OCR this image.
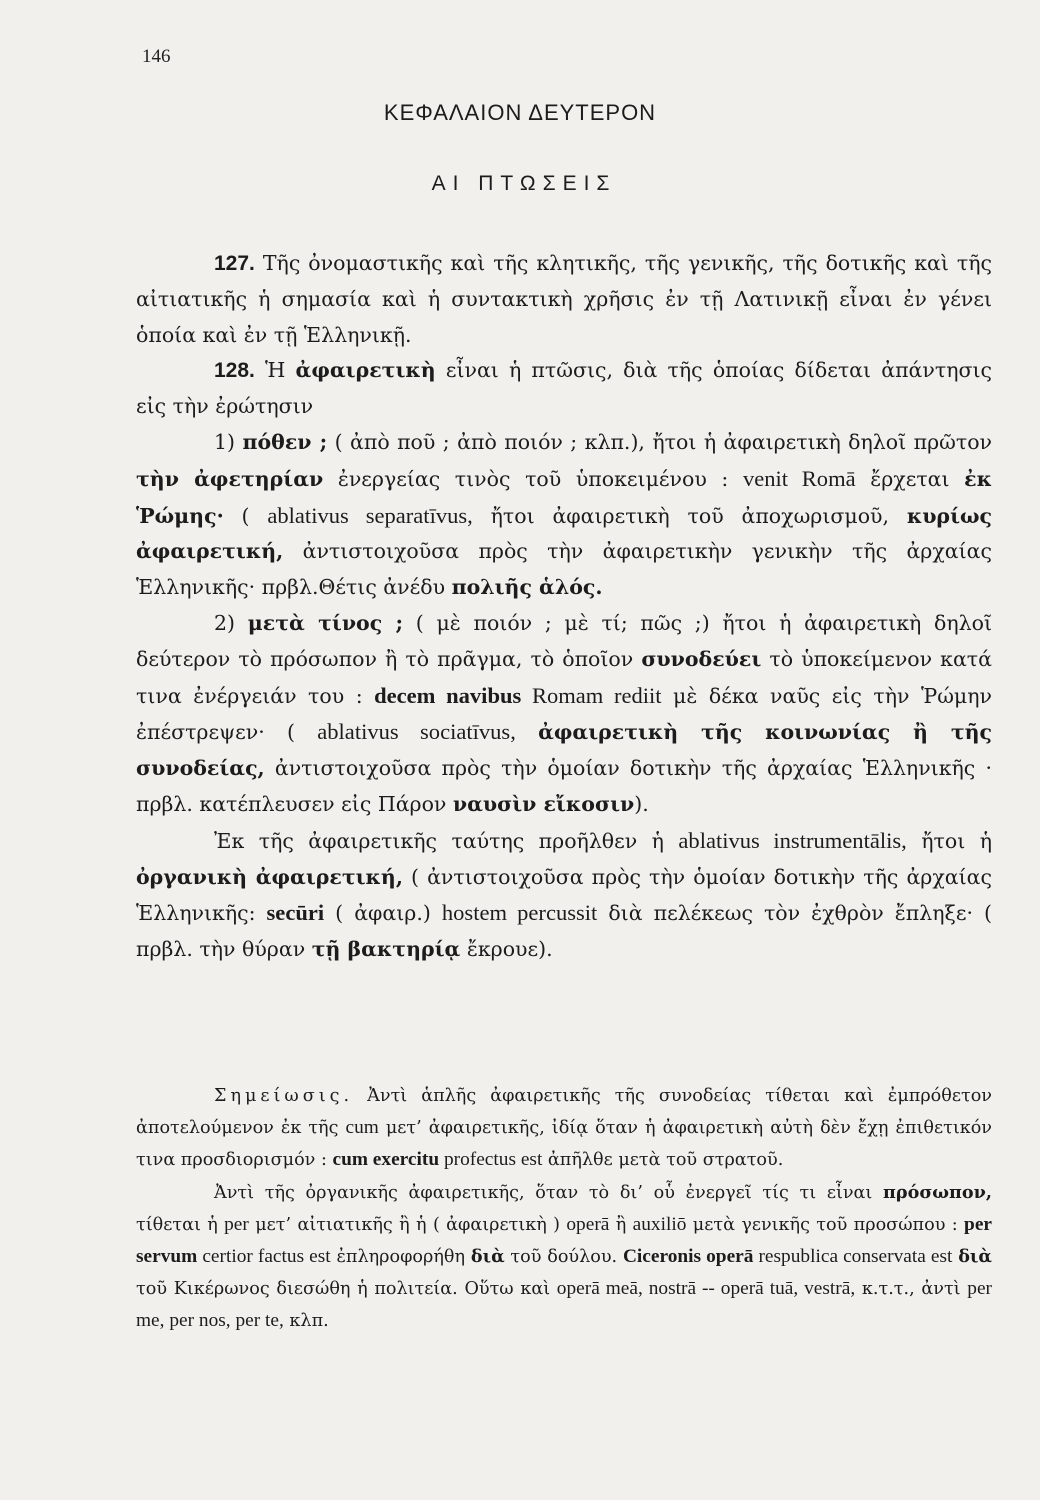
146
ΚΕΦΑΛΑΙΟΝ ΔΕΥΤΕΡΟΝ
ΑΙ ΠΤΩΣΕΙΣ

127. Τῆς ὀνομαστικῆς καὶ τῆς κλητικῆς, τῆς γενικῆς, τῆς δοτικῆς καὶ τῆς αἰτιατικῆς ἡ σημασία καὶ ἡ συντακτικὴ χρῆσις ἐν τῇ Λατινικῇ εἶναι ἐν γένει ὁποία καὶ ἐν τῇ Ἑλληνικῇ.

128. Ἡ ἀφαιρετικὴ εἶναι ἡ πτῶσις, διὰ τῆς ὁποίας δίδεται ἀπάντησις εἰς τὴν ἐρώτησιν

1) πόθεν ; ( ἀπὸ ποῦ ; ἀπὸ ποιόν ; κλπ.), ἤτοι ἡ ἀφαιρετικὴ δηλοῖ πρῶτον τὴν ἀφετηρίαν ἐνεργείας τινὸς τοῦ ὑποκειμένου : venit Romā ἔρχεται ἐκ Ῥώμης· ( ablativus separatīvus, ἤτοι ἀφαιρετικὴ τοῦ ἀποχωρισμοῦ, κυρίως ἀφαιρετική, ἀντιστοιχοῦσα πρὸς τὴν ἀφαιρετικὴν γενικὴν τῆς ἀρχαίας Ἑλληνικῆς· πρβλ.Θέτις ἀνέδυ πολιῆς ἁλός.

2) μετὰ τίνος ; ( μὲ ποιόν ; μὲ τί; πῶς ;) ἤτοι ἡ ἀφαιρετικὴ δηλοῖ δεύτερον τὸ πρόσωπον ἢ τὸ πρᾶγμα, τὸ ὁποῖον συνοδεύει τὸ ὑποκείμενον κατά τινα ἐνέργειάν του : decem navibus Romam rediit μὲ δέκα ναῦς εἰς τὴν Ῥώμην ἐπέστρεψεν· ( ablativus sociatīvus, ἀφαιρετικὴ τῆς κοινωνίας ἢ τῆς συνοδείας, ἀντιστοιχοῦσα πρὸς τὴν ὁμοίαν δοτικὴν τῆς ἀρχαίας Ἑλληνικῆς · πρβλ. κατέπλευσεν εἰς Πάρον ναυσὶν εἴκοσιν).

Ἐκ τῆς ἀφαιρετικῆς ταύτης προῆλθεν ἡ ablativus instrumentālis, ἤτοι ἡ ὀργανικὴ ἀφαιρετική, ( ἀντιστοιχοῦσα πρὸς τὴν ὁμοίαν δοτικὴν τῆς ἀρχαίας Ἑλληνικῆς: secūri ( ἀφαιρ.) hostem percussit διὰ πελέκεως τὸν ἐχθρὸν ἔπληξε· ( πρβλ. τὴν θύραν τῇ βακτηρίᾳ ἔκρουε).

Σημείωσις. Ἀντὶ ἁπλῆς ἀφαιρετικῆς τῆς συνοδείας τίθεται καὶ ἐμπρόθετον ἀποτελούμενον ἐκ τῆς cum μετ’ ἀφαιρετικῆς, ἰδίᾳ ὅταν ἡ ἀφαιρετικὴ αὐτὴ δὲν ἔχῃ ἐπιθετικόν τινα προσδιορισμόν : cum exercitu profectus est ἀπῆλθε μετὰ τοῦ στρατοῦ.

Ἀντὶ τῆς ὀργανικῆς ἀφαιρετικῆς, ὅταν τὸ δι’ οὗ ἐνεργεῖ τίς τι εἶναι πρόσωπον, τίθεται ἡ per μετ’ αἰτιατικῆς ἢ ἡ ( ἀφαιρετικὴ ) operā ἢ auxiliō μετὰ γενικῆς τοῦ προσώπου : per servum certior factus est ἐπληροφορήθη διὰ τοῦ δούλου. Ciceronis operā respublica conservata est διὰ τοῦ Κικέρωνος διεσώθη ἡ πολιτεία. Οὕτω καὶ operā meā, nostrā -- operā tuā, vestrā, κ.τ.τ., ἀντὶ per me, per nos, per te, κλπ.
